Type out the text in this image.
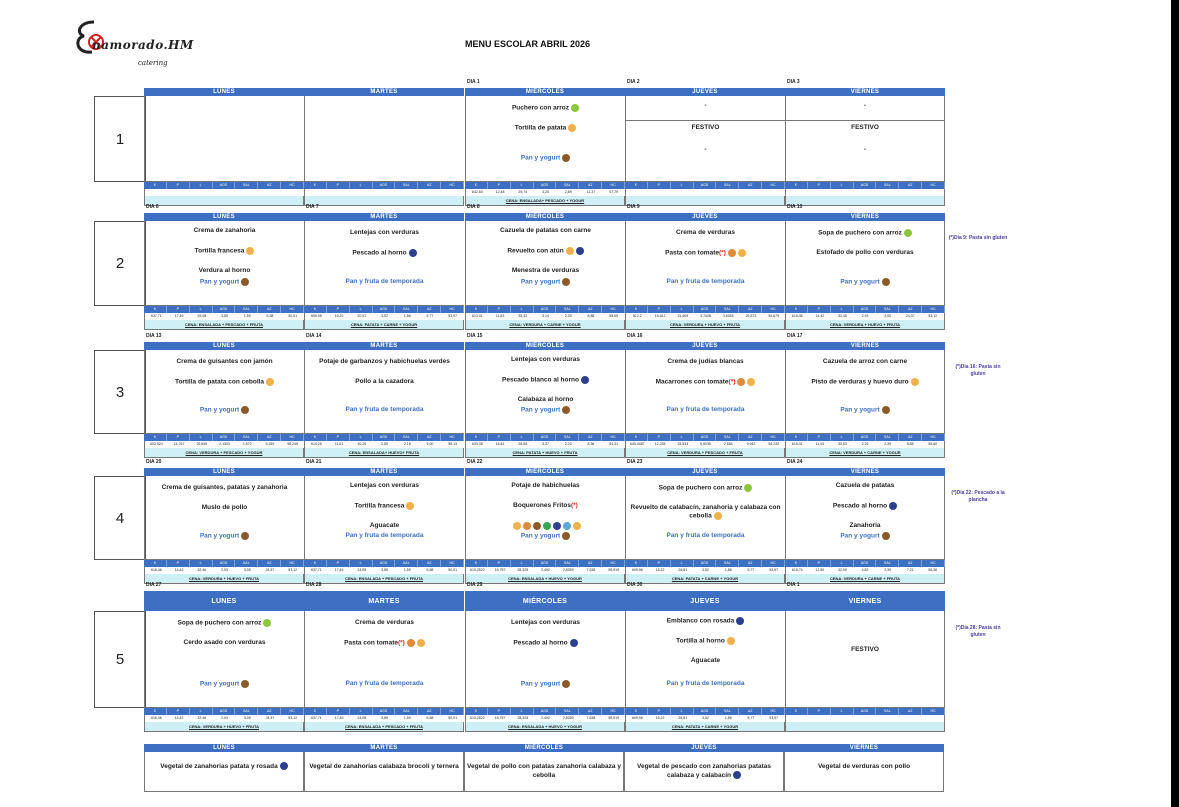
namorado.HM
catering
MENU ESCOLAR ABRIL 2026
1
LUNES
K	P	L	AGS	SAL	AZ	HC
MARTES
K	P	L	AGS	SAL	AZ	HC
DIA 1
MIÉRCOLES
Puchero con arroz
Tortilla de patata
Pan y yogurt
K	P	L	AGS	SAL	AZ	HC
642,83	12,48	29,74	3,25	2,89	11,37	57,79
CENA: ENSALADA+ PESCADO + YOGUR
DIA 2
JUEVES
-
FESTIVO
-
K	P	L	AGS	SAL	AZ	HC
DIA 3
VIERNES
-
FESTIVO
-
K	P	L	AGS	SAL	AZ	HC
2
DIA 6
LUNES
Crema de zanahoria
Tortilla francesa
Verdura al horno
Pan y yogurt
K	P	L	AGS	SAL	AZ	HC
637,71	17,49	26,08	3,89	1,59	6,58	50,01
CENA: ENSALADA + PESCADO + FRUTA
DIA 7
MARTES
Lentejas con verduras
Pescado al horno
Pan y fruta de temporada
K	P	L	AGS	SAL	AZ	HC
609,95	15,22	20,01	3,52	1,86	5,77	53,97
CENA: PATATA + CARNE + YOGUR
DIA 8
MIÉRCOLES
Cazuela de patatas con carne
Revuelto con atún
Menestra de verduras
Pan y yogurt
K	P	L	AGS	SAL	AZ	HC
613,01	11,63	35,32	3,14	2,39	8,88	58,65
CENA: VERDURA + CARNE + YOGUR
DIA 9
JUEVES
Crema de verduras
Pasta con tomate(*)
Pan y fruta de temporada
K	P	L	AGS	SAL	AZ	HC
612,2	15,612	31,069	3,7408	3,6045	25,573	54,679
CENA: VERDURA + HUEVO + FRUTA
DIA 10
VIERNES
Sopa de puchero con arroz
Estofado de pollo con verduras
Pan y yogurt
K	P	L	AGS	SAL	AZ	HC
616,46	14,42	32,46	2,93	3,05	24,37	53,12
CENA: VERDURA + HUEVO + FRUTA
(*)Dia 9: Pasta sin gluten
3
DIA 13
LUNES
Crema de guisantes con jamón
Tortilla de patata con cebolla
Pan y yogurt
K	P	L	AGS	SAL	AZ	HC
603,524	14,767	29,599	2,1303	1,672	5,159	55,245
CENA: VERDURA + PESCADO + YOGUR
DIA 14
MARTES
Potaje de garbanzos y habichuelas verdes
Pollo a la cazadora
Pan y fruta de temporada
K	P	L	AGS	SAL	AZ	HC
614,26	11,61	30,26	2,89	2,16	5,00	58,13
CENA: ENSALADA+ HUEVO+ FRUTA
DIA 15
MIÉRCOLES
Lentejas con verduras
Pescado blanco al horno
Calabaza al horno
Pan y yogurt
K	P	L	AGS	SAL	AZ	HC
633,35	16,81	28,58	3,37	2,20	8,36	54,31
CENA: PATATA + HUEVO + FRUTA
DIA 16
JUEVES
Crema de judías blancas
Macarrones con tomate(*)
Pan y fruta de temporada
K	P	L	AGS	SAL	AZ	HC
645,0087	12,235	33,533	5,8035	2,654	9,942	54,232
CENA: VERDURA + PESCADO + FRUTA
DIA 17
VIERNES
Cazuela de arroz con carne
Pisto de verduras y huevo duro
Pan y yogurt
K	P	L	AGS	SAL	AZ	HC
615,01	11,03	30,53	2,16	2,39	8,88	55,60
CENA: VERDURA + CARNE + YOGUR
(*)Dia 16: Pasta sin gluten
4
DIA 20
LUNES
Crema de guisantes, patatas y zanahoria
Muslo de pollo
Pan y yogurt
K	P	L	AGS	SAL	AZ	HC
616,46	14,42	32,46	2,93	3,05	24,37	53,12
CENA: VERDURA + HUEVO + FRUTA
DIA 21
MARTES
Lentejas con verduras
Tortilla francesa
Aguacate
Pan y fruta de temporada
K	P	L	AGS	SAL	AZ	HC
637,71	17,49	24,08	3,89	1,59	6,58	50,01
CENA: ENSALADA + PESCADO + FRUTA
DIA 22
MIÉRCOLES
Potaje de habichuelas
Boquerones Fritos(*)
Pan y yogurt
K	P	L	AGS	SAL	AZ	HC
610,2522	15,757	28,325	2,492	2,8259	7,638	55,919
CENA: ENSALADA + HUEVO + YOGUR
DIA 23
JUEVES
Sopa de puchero con arroz
Revuelto de calabacín, zanahoria y calabaza con cebolla
Pan y fruta de temporada
K	P	L	AGS	SAL	AZ	HC
609,96	15,22	26,81	3,52	1,86	5,77	53,97
CENA: PATATA + CARNE + YOGUR
DIA 24
VIERNES
Cazuela de patatas
Pescado al horno
Zanahoria
Pan y yogurt
K	P	L	AGS	SAL	AZ	HC
615,74	12,50	32,09	4,82	2,39	7,21	55,36
CENA: VERDURA + CARNE + FRUTA
(*)Dia 22: Pescado a la plancha
5
DIA 27
LUNES
Sopa de puchero con arroz
Cerdo asado con verduras
Pan y yogurt
K	P	L	AGS	SAL	AZ	HC
616,46	14,42	32,46	2,93	3,05	24,37	53,12
CENA: VERDURA + HUEVO + FRUTA
DIA 28
MARTES
Crema de verduras
Pasta con tomate(*)
Pan y fruta de temporada
K	P	L	AGS	SAL	AZ	HC
637,71	17,49	24,08	3,89	1,59	6,58	50,01
CENA: ENSALADA + PESCADO + FRUTA
DIA 29
MIÉRCOLES
Lentejas con verduras
Pescado al horno
Pan y yogurt
K	P	L	AGS	SAL	AZ	HC
610,2522	15,757	28,325	2,492	2,8259	7,638	55,919
CENA: ENSALADA + HUEVO + YOGUR
DIA 30
JUEVES
Emblanco con rosada
Tortilla al horno
Aguacate
Pan y fruta de temporada
K	P	L	AGS	SAL	AZ	HC
609,96	15,22	26,81	3,52	1,86	5,77	53,97
CENA: PATATA + CARNE + YOGUR
DIA 1
VIERNES
FESTIVO
K	P	L	AGS	SAL	AZ	HC
(*)Dia 28: Pasta sin gluten
LUNES
Vegetal de zanahorias patata y rosada
MARTES
Vegetal de zanahorias calabaza brocoli y ternera
MIÉRCOLES
Vegetal de pollo con patatas zanahoria calabaza y cebolla
JUEVES
Vegetal de pescado con zanahorias patatas calabaza y calabacín
VIERNES
Vegetal de verduras con pollo
